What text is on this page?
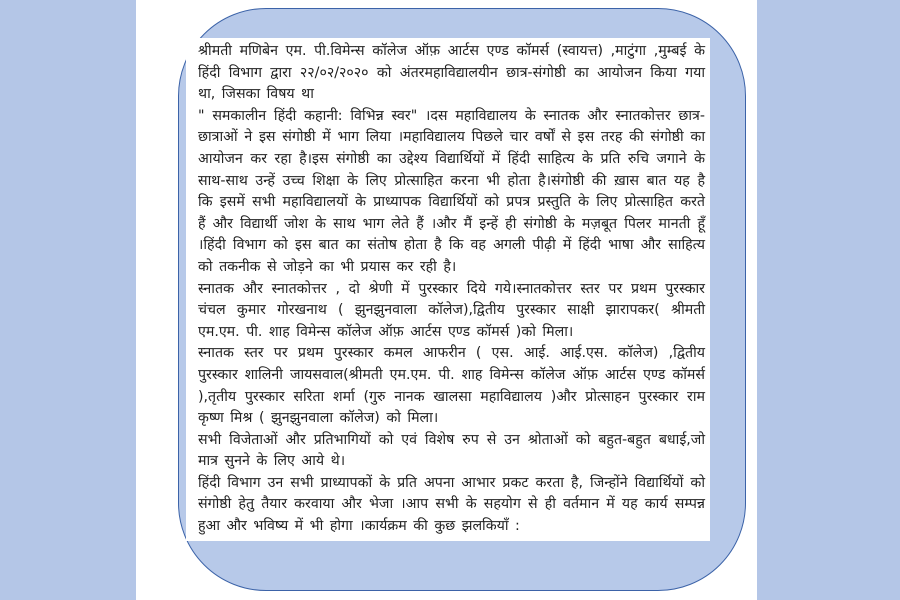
श्रीमती मणिबेन एम. पी.विमेन्स कॉलेज ऑफ़ आर्टस एण्ड कॉमर्स (स्वायत्त) ,माटुंगा ,मुम्बई के हिंदी विभाग द्वारा २२/०२/२०२० को अंतरमहाविद्यालयीन छात्र-संगोष्ठी का आयोजन किया गया था, जिसका विषय था

" समकालीन हिंदी कहानी: विभिन्न स्वर" ।दस महाविद्यालय के स्नातक और स्नातकोत्तर छात्र-छात्राओं ने इस संगोष्ठी में भाग लिया ।महाविद्यालय पिछले चार वर्षों से इस तरह की संगोष्ठी का आयोजन कर रहा है।इस संगोष्ठी का उद्देश्य विद्यार्थियों में हिंदी साहित्य के प्रति रुचि जगाने के साथ-साथ उन्हें उच्च शिक्षा के लिए प्रोत्साहित करना भी होता है।संगोष्ठी की ख़ास बात यह है कि इसमें सभी महाविद्यालयों के प्राध्यापक विद्यार्थियों को प्रपत्र प्रस्तुति के लिए प्रोत्साहित करते हैं और विद्यार्थी जोश के साथ भाग लेते हैं ।और मैं इन्हें ही संगोष्ठी के मज़बूत पिलर मानती हूँ ।हिंदी विभाग को इस बात का संतोष होता है कि वह अगली पीढ़ी में हिंदी भाषा और साहित्य को तकनीक से जोड़ने का भी प्रयास कर रही है।

स्नातक और स्नातकोत्तर , दो श्रेणी में पुरस्कार दिये गये।स्नातकोत्तर स्तर पर प्रथम पुरस्कार चंचल कुमार गोरखनाथ ( झुनझुनवाला कॉलेज),द्वितीय पुरस्कार साक्षी झारापकर( श्रीमती एम.एम. पी. शाह विमेन्स कॉलेज ऑफ़ आर्टस एण्ड कॉमर्स )को मिला।

स्नातक स्तर पर प्रथम पुरस्कार कमल आफरीन ( एस. आई. आई.एस. कॉलेज) ,द्वितीय पुरस्कार शालिनी जायसवाल(श्रीमती एम.एम. पी. शाह विमेन्स कॉलेज ऑफ़ आर्टस एण्ड कॉमर्स ),तृतीय पुरस्कार सरिता शर्मा (गुरु नानक खालसा महाविद्यालय )और प्रोत्साहन पुरस्कार राम कृष्ण मिश्र ( झुनझुनवाला कॉलेज) को मिला।

सभी विजेताओं और प्रतिभागियों को एवं विशेष रुप से उन श्रोताओं को बहुत-बहुत बधाई,जो मात्र सुनने के लिए आये थे।

हिंदी विभाग उन सभी प्राध्यापकों के प्रति अपना आभार प्रकट करता है, जिन्होंने विद्यार्थियों को संगोष्ठी हेतु तैयार करवाया और भेजा ।आप सभी के सहयोग से ही वर्तमान में यह कार्य सम्पन्न हुआ और भविष्य में भी होगा ।कार्यक्रम की कुछ झलकियाँ :
